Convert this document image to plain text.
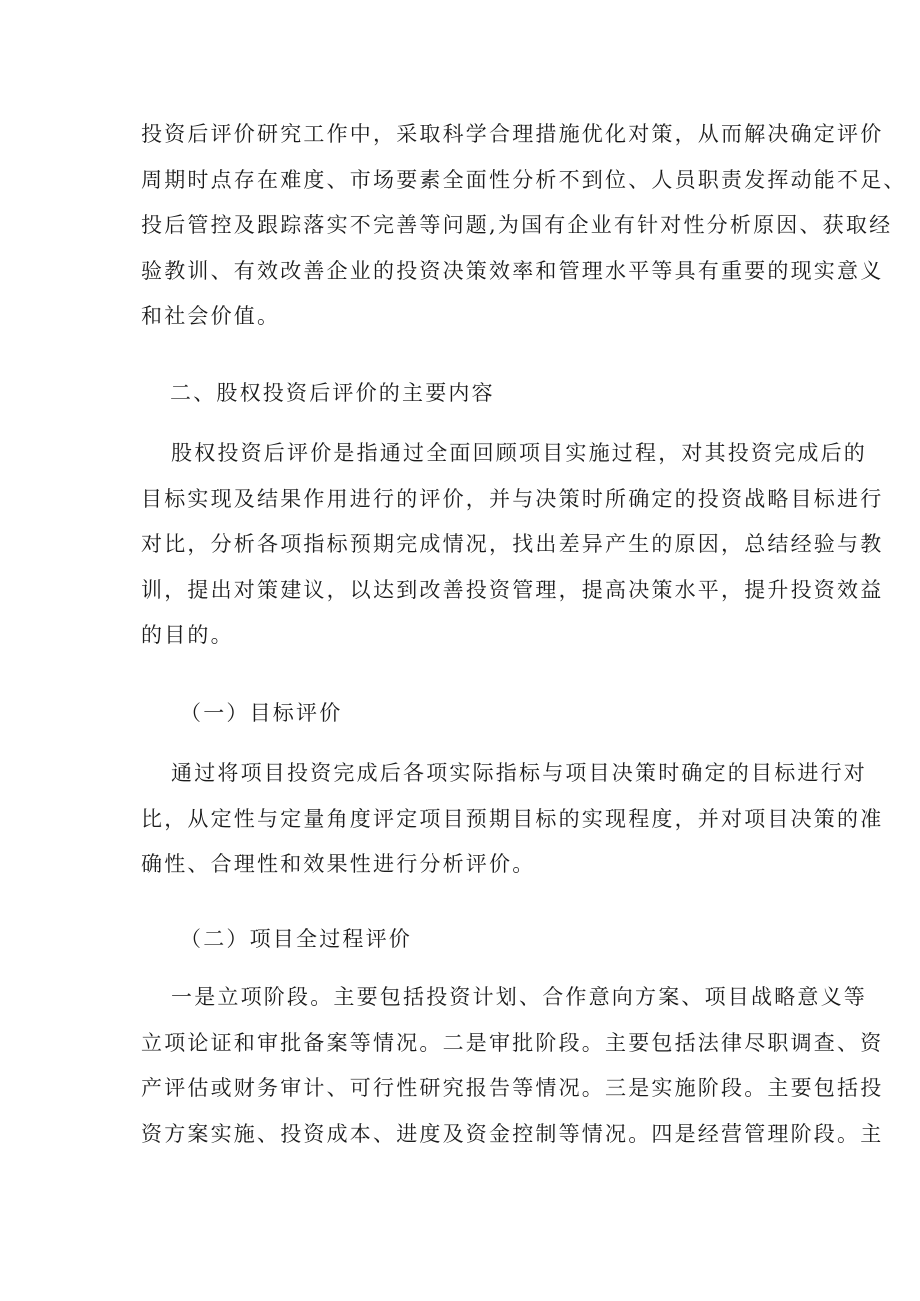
投资后评价研究工作中，采取科学合理措施优化对策，从而解决确定评价
周期时点存在难度、市场要素全面性分析不到位、人员职责发挥动能不足、
投后管控及跟踪落实不完善等问题,为国有企业有针对性分析原因、获取经
验教训、有效改善企业的投资决策效率和管理水平等具有重要的现实意义
和社会价值。

二、股权投资后评价的主要内容

股权投资后评价是指通过全面回顾项目实施过程，对其投资完成后的
目标实现及结果作用进行的评价，并与决策时所确定的投资战略目标进行
对比，分析各项指标预期完成情况，找出差异产生的原因，总结经验与教
训，提出对策建议，以达到改善投资管理，提高决策水平，提升投资效益
的目的。

（一）目标评价

通过将项目投资完成后各项实际指标与项目决策时确定的目标进行对
比，从定性与定量角度评定项目预期目标的实现程度，并对项目决策的准
确性、合理性和效果性进行分析评价。

（二）项目全过程评价

一是立项阶段。主要包括投资计划、合作意向方案、项目战略意义等
立项论证和审批备案等情况。二是审批阶段。主要包括法律尽职调查、资
产评估或财务审计、可行性研究报告等情况。三是实施阶段。主要包括投
资方案实施、投资成本、进度及资金控制等情况。四是经营管理阶段。主
